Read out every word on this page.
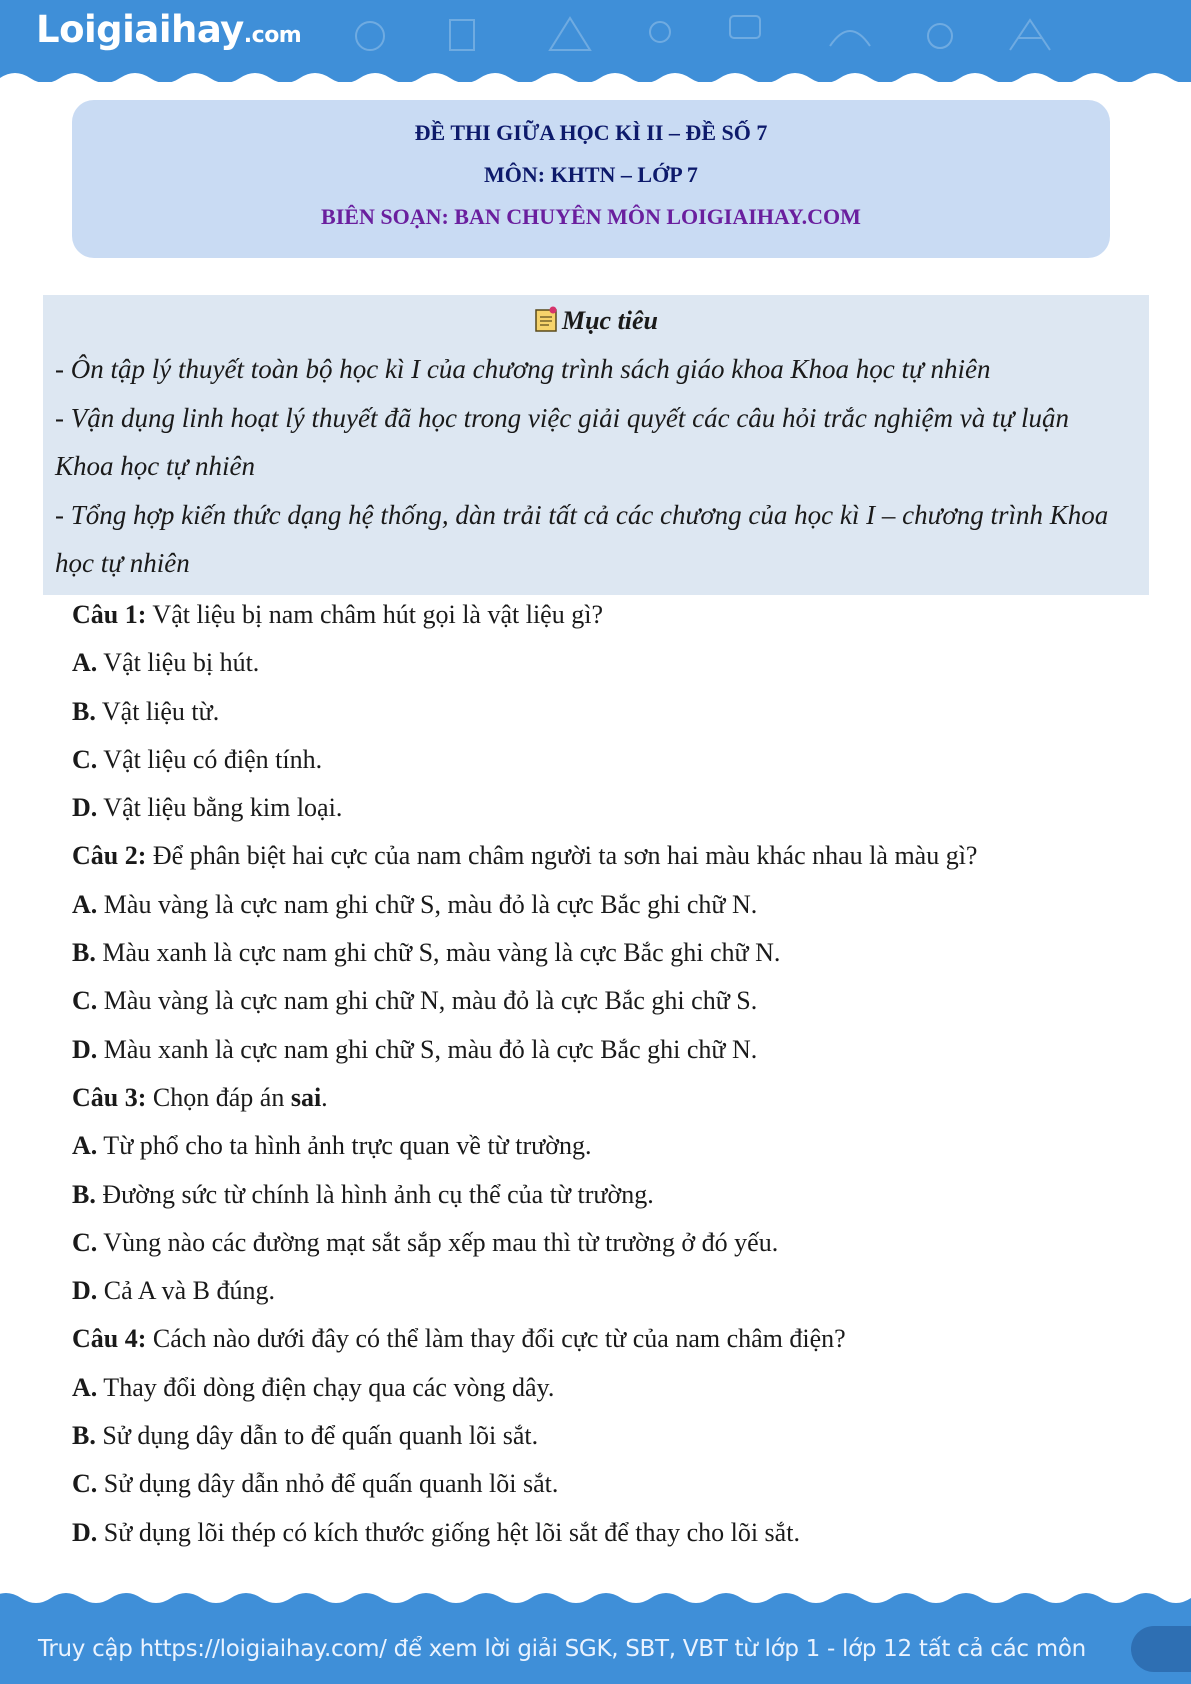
Loigiaihay.com
ĐỀ THI GIỮA HỌC KÌ II – ĐỀ SỐ 7
MÔN: KHTN – LỚP 7
BIÊN SOẠN: BAN CHUYÊN MÔN LOIGIAIHAY.COM
Mục tiêu

- Ôn tập lý thuyết toàn bộ học kì I của chương trình sách giáo khoa Khoa học tự nhiên

- Vận dụng linh hoạt lý thuyết đã học trong việc giải quyết các câu hỏi trắc nghiệm và tự luận

Khoa học tự nhiên

- Tổng hợp kiến thức dạng hệ thống, dàn trải tất cả các chương của học kì I – chương trình Khoa

học tự nhiên

Câu 1: Vật liệu bị nam châm hút gọi là vật liệu gì?

A. Vật liệu bị hút.

B. Vật liệu từ.

C. Vật liệu có điện tính.

D. Vật liệu bằng kim loại.

Câu 2: Để phân biệt hai cực của nam châm người ta sơn hai màu khác nhau là màu gì?

A. Màu vàng là cực nam ghi chữ S, màu đỏ là cực Bắc ghi chữ N.

B. Màu xanh là cực nam ghi chữ S, màu vàng là cực Bắc ghi chữ N.

C. Màu vàng là cực nam ghi chữ N, màu đỏ là cực Bắc ghi chữ S.

D. Màu xanh là cực nam ghi chữ S, màu đỏ là cực Bắc ghi chữ N.

Câu 3: Chọn đáp án sai.

A. Từ phổ cho ta hình ảnh trực quan về từ trường.

B. Đường sức từ chính là hình ảnh cụ thể của từ trường.

C. Vùng nào các đường mạt sắt sắp xếp mau thì từ trường ở đó yếu.

D. Cả A và B đúng.

Câu 4: Cách nào dưới đây có thể làm thay đổi cực từ của nam châm điện?

A. Thay đổi dòng điện chạy qua các vòng dây.

B. Sử dụng dây dẫn to để quấn quanh lõi sắt.

C. Sử dụng dây dẫn nhỏ để quấn quanh lõi sắt.

D. Sử dụng lõi thép có kích thước giống hệt lõi sắt để thay cho lõi sắt.

Truy cập https://loigiaihay.com/ để xem lời giải SGK, SBT, VBT từ lớp 1 - lớp 12 tất cả các môn
